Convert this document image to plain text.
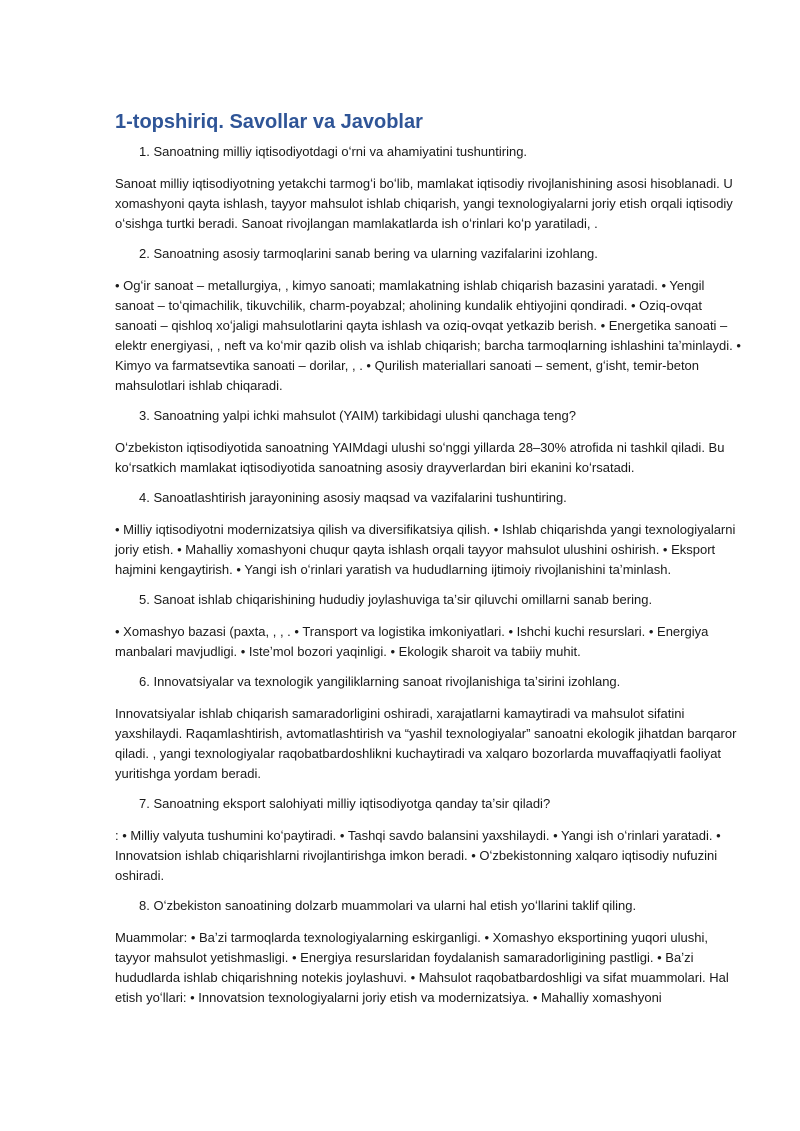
1-topshiriq. Savollar va Javoblar

1. Sanoatning milliy iqtisodiyotdagi oʻrni va ahamiyatini tushuntiring.

Sanoat milliy iqtisodiyotning yetakchi tarmogʻi boʻlib, mamlakat iqtisodiy rivojlanishining asosi hisoblanadi. U xomashyoni qayta ishlash, tayyor mahsulot ishlab chiqarish, yangi texnologiyalarni joriy etish orqali iqtisodiy oʻsishga turtki beradi. Sanoat rivojlangan mamlakatlarda ish oʻrinlari koʻp yaratiladi, .

2. Sanoatning asosiy tarmoqlarini sanab bering va ularning vazifalarini izohlang.

• Ogʻir sanoat – metallurgiya, , kimyo sanoati; mamlakatning ishlab chiqarish bazasini yaratadi. • Yengil sanoat – toʻqimachilik, tikuvchilik, charm-poyabzal; aholining kundalik ehtiyojini qondiradi. • Oziq-ovqat sanoati – qishloq xoʻjaligi mahsulotlarini qayta ishlash va oziq-ovqat yetkazib berish. • Energetika sanoati – elektr energiyasi, , neft va koʻmir qazib olish va ishlab chiqarish; barcha tarmoqlarning ishlashini taʼminlaydi. • Kimyo va farmatsevtika sanoati – dorilar, , . • Qurilish materiallari sanoati – sement, gʻisht, temir-beton mahsulotlari ishlab chiqaradi.

3. Sanoatning yalpi ichki mahsulot (YAIM) tarkibidagi ulushi qanchaga teng?

Oʻzbekiston iqtisodiyotida sanoatning YAIMdagi ulushi soʻnggi yillarda 28–30% atrofida ni tashkil qiladi. Bu koʻrsatkich mamlakat iqtisodiyotida sanoatning asosiy drayverlardan biri ekanini koʻrsatadi.

4. Sanoatlashtirish jarayonining asosiy maqsad va vazifalarini tushuntiring.

• Milliy iqtisodiyotni modernizatsiya qilish va diversifikatsiya qilish. • Ishlab chiqarishda yangi texnologiyalarni joriy etish. • Mahalliy xomashyoni chuqur qayta ishlash orqali tayyor mahsulot ulushini oshirish. • Eksport hajmini kengaytirish. • Yangi ish oʻrinlari yaratish va hududlarning ijtimoiy rivojlanishini taʼminlash.

5. Sanoat ishlab chiqarishining hududiy joylashuviga taʼsir qiluvchi omillarni sanab bering.

• Xomashyo bazasi (paxta, , , . • Transport va logistika imkoniyatlari. • Ishchi kuchi resurslari. • Energiya manbalari mavjudligi. • Isteʼmol bozori yaqinligi. • Ekologik sharoit va tabiiy muhit.

6. Innovatsiyalar va texnologik yangiliklarning sanoat rivojlanishiga taʼsirini izohlang.

Innovatsiyalar ishlab chiqarish samaradorligini oshiradi, xarajatlarni kamaytiradi va mahsulot sifatini yaxshilaydi. Raqamlashtirish, avtomatlashtirish va “yashil texnologiyalar” sanoatni ekologik jihatdan barqaror qiladi. , yangi texnologiyalar raqobatbardoshlikni kuchaytiradi va xalqaro bozorlarda muvaffaqiyatli faoliyat yuritishga yordam beradi.

7. Sanoatning eksport salohiyati milliy iqtisodiyotga qanday taʼsir qiladi?

: • Milliy valyuta tushumini koʻpaytiradi. • Tashqi savdo balansini yaxshilaydi. • Yangi ish oʻrinlari yaratadi. • Innovatsion ishlab chiqarishlarni rivojlantirishga imkon beradi. • Oʻzbekistonning xalqaro iqtisodiy nufuzini oshiradi.

8. Oʻzbekiston sanoatining dolzarb muammolari va ularni hal etish yoʻllarini taklif qiling.

Muammolar: • Baʼzi tarmoqlarda texnologiyalarning eskirganligi. • Xomashyo eksportining yuqori ulushi, tayyor mahsulot yetishmasligi. • Energiya resurslaridan foydalanish samaradorligining pastligi. • Baʼzi hududlarda ishlab chiqarishning notekis joylashuvi. • Mahsulot raqobatbardoshligi va sifat muammolari. Hal etish yoʻllari: • Innovatsion texnologiyalarni joriy etish va modernizatsiya. • Mahalliy xomashyoni
